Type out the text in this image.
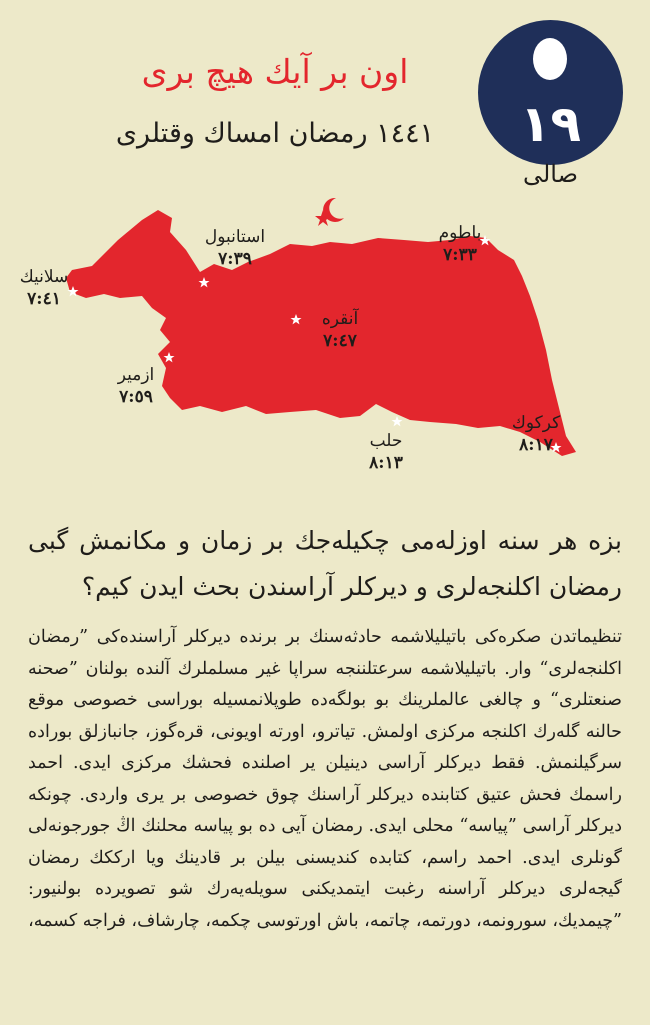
اون بر آیك هیچ بری
١٤٤١ رمضان امساك وقتلری	١٩
صالی
استانبول
٧:٣٩
باطوم
٧:٣٣
سلانیك
٧:٤١
آنقره
٧:٤٧
ازمیر
٧:٥٩
حلب
٨:١٣
کرکوك
٨:١٧
بزه هر سنه اوزله‌می چکیله‌جك بر زمان و مکانمش گبی رمضان اکلنجه‌لری و دیرکلر آراسندن بحث ایدن کیم؟
تنظیماتدن صکره‌کی باتیلیلاشمه حادثه‌سنك بر برنده دیرکلر آراسنده‌کی ”رمضان اکلنجه‌لری“ وار. باتیلیلاشمه سرعتلننجه سراپا غیر مسلملرك آلنده بولنان ”صحنه صنعتلری“ و چالغی عالملرینك بو بولگه‌ده طوپلانمسیله بوراسی خصوصی موقع حالنه گله‌رك اکلنجه مرکزی اولمش. تیاترو، اورته اویونی، قره‌گوز، جانبازلق بوراده سرگیلنمش. فقط دیرکلر آراسی دینیلن یر اصلنده فحشك مرکزی ایدی. احمد راسمك فحش عتیق کتابنده دیرکلر آراسنك چوق خصوصی بر یری واردی. چونکه دیرکلر آراسی ”پیاسه“ محلی ایدی. رمضان آیی ده بو پیاسه محلنك اڭ جورجونه‌لی گونلری ایدی. احمد راسم، کتابده کندیسنی بیلن بر قادینك ویا ارککك رمضان گیجه‌لری دیرکلر آراسنه رغبت ایتمدیکنی سویله‌یه‌رك شو تصویرده بولنیور: ”چیمدیك، سورونمه، دورتمه، چاتمه، باش اورتوسی چکمه، چارشاف، فراجه کسمه،
